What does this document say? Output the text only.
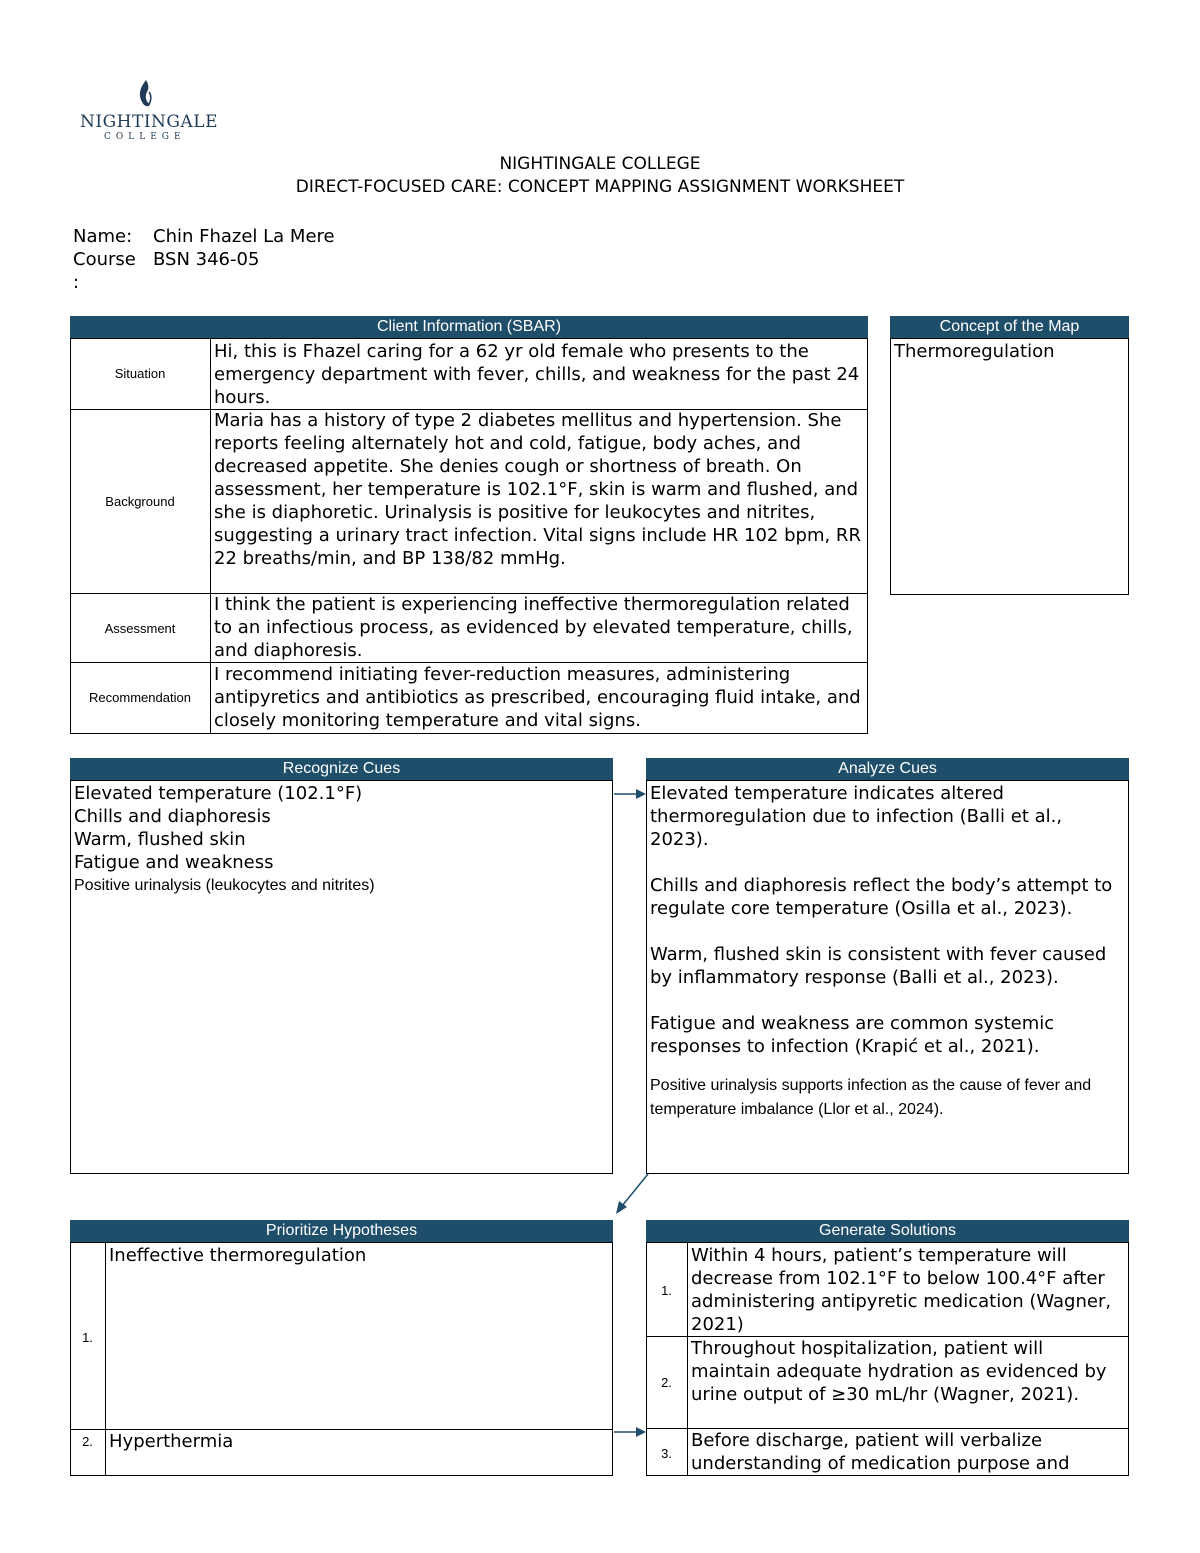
NIGHTINGALE
COLLEGE
NIGHTINGALE COLLEGE
DIRECT-FOCUSED CARE: CONCEPT MAPPING ASSIGNMENT WORKSHEET
Name: Chin Fhazel La Mere
Course BSN 346-05
:
Client Information (SBAR)
Situation
Hi, this is Fhazel caring for a 62 yr old female who presents to the emergency department with fever, chills, and weakness for the past 24 hours.
Background
Maria has a history of type 2 diabetes mellitus and hypertension. She reports feeling alternately hot and cold, fatigue, body aches, and decreased appetite. She denies cough or shortness of breath. On assessment, her temperature is 102.1°F, skin is warm and flushed, and she is diaphoretic. Urinalysis is positive for leukocytes and nitrites, suggesting a urinary tract infection. Vital signs include HR 102 bpm, RR 22 breaths/min, and BP 138/82 mmHg.
Assessment
I think the patient is experiencing ineffective thermoregulation related to an infectious process, as evidenced by elevated temperature, chills, and diaphoresis.
Recommendation
I recommend initiating fever-reduction measures, administering antipyretics and antibiotics as prescribed, encouraging fluid intake, and closely monitoring temperature and vital signs.
Concept of the Map
Thermoregulation
Recognize Cues
Elevated temperature (102.1°F)
Chills and diaphoresis
Warm, flushed skin
Fatigue and weakness
Positive urinalysis (leukocytes and nitrites)
Analyze Cues
Elevated temperature indicates altered thermoregulation due to infection (Balli et al., 2023).
Chills and diaphoresis reflect the body’s attempt to regulate core temperature (Osilla et al., 2023).
Warm, flushed skin is consistent with fever caused by inflammatory response (Balli et al., 2023).
Fatigue and weakness are common systemic responses to infection (Krapić et al., 2021).
Positive urinalysis supports infection as the cause of fever and temperature imbalance (Llor et al., 2024).
Prioritize Hypotheses
1.
Ineffective thermoregulation
2. Hyperthermia
Generate Solutions
1.
Within 4 hours, patient’s temperature will decrease from 102.1°F to below 100.4°F after administering antipyretic medication (Wagner, 2021)
2.
Throughout hospitalization, patient will maintain adequate hydration as evidenced by urine output of ≥30 mL/hr (Wagner, 2021).
3.
Before discharge, patient will verbalize understanding of medication purpose and
